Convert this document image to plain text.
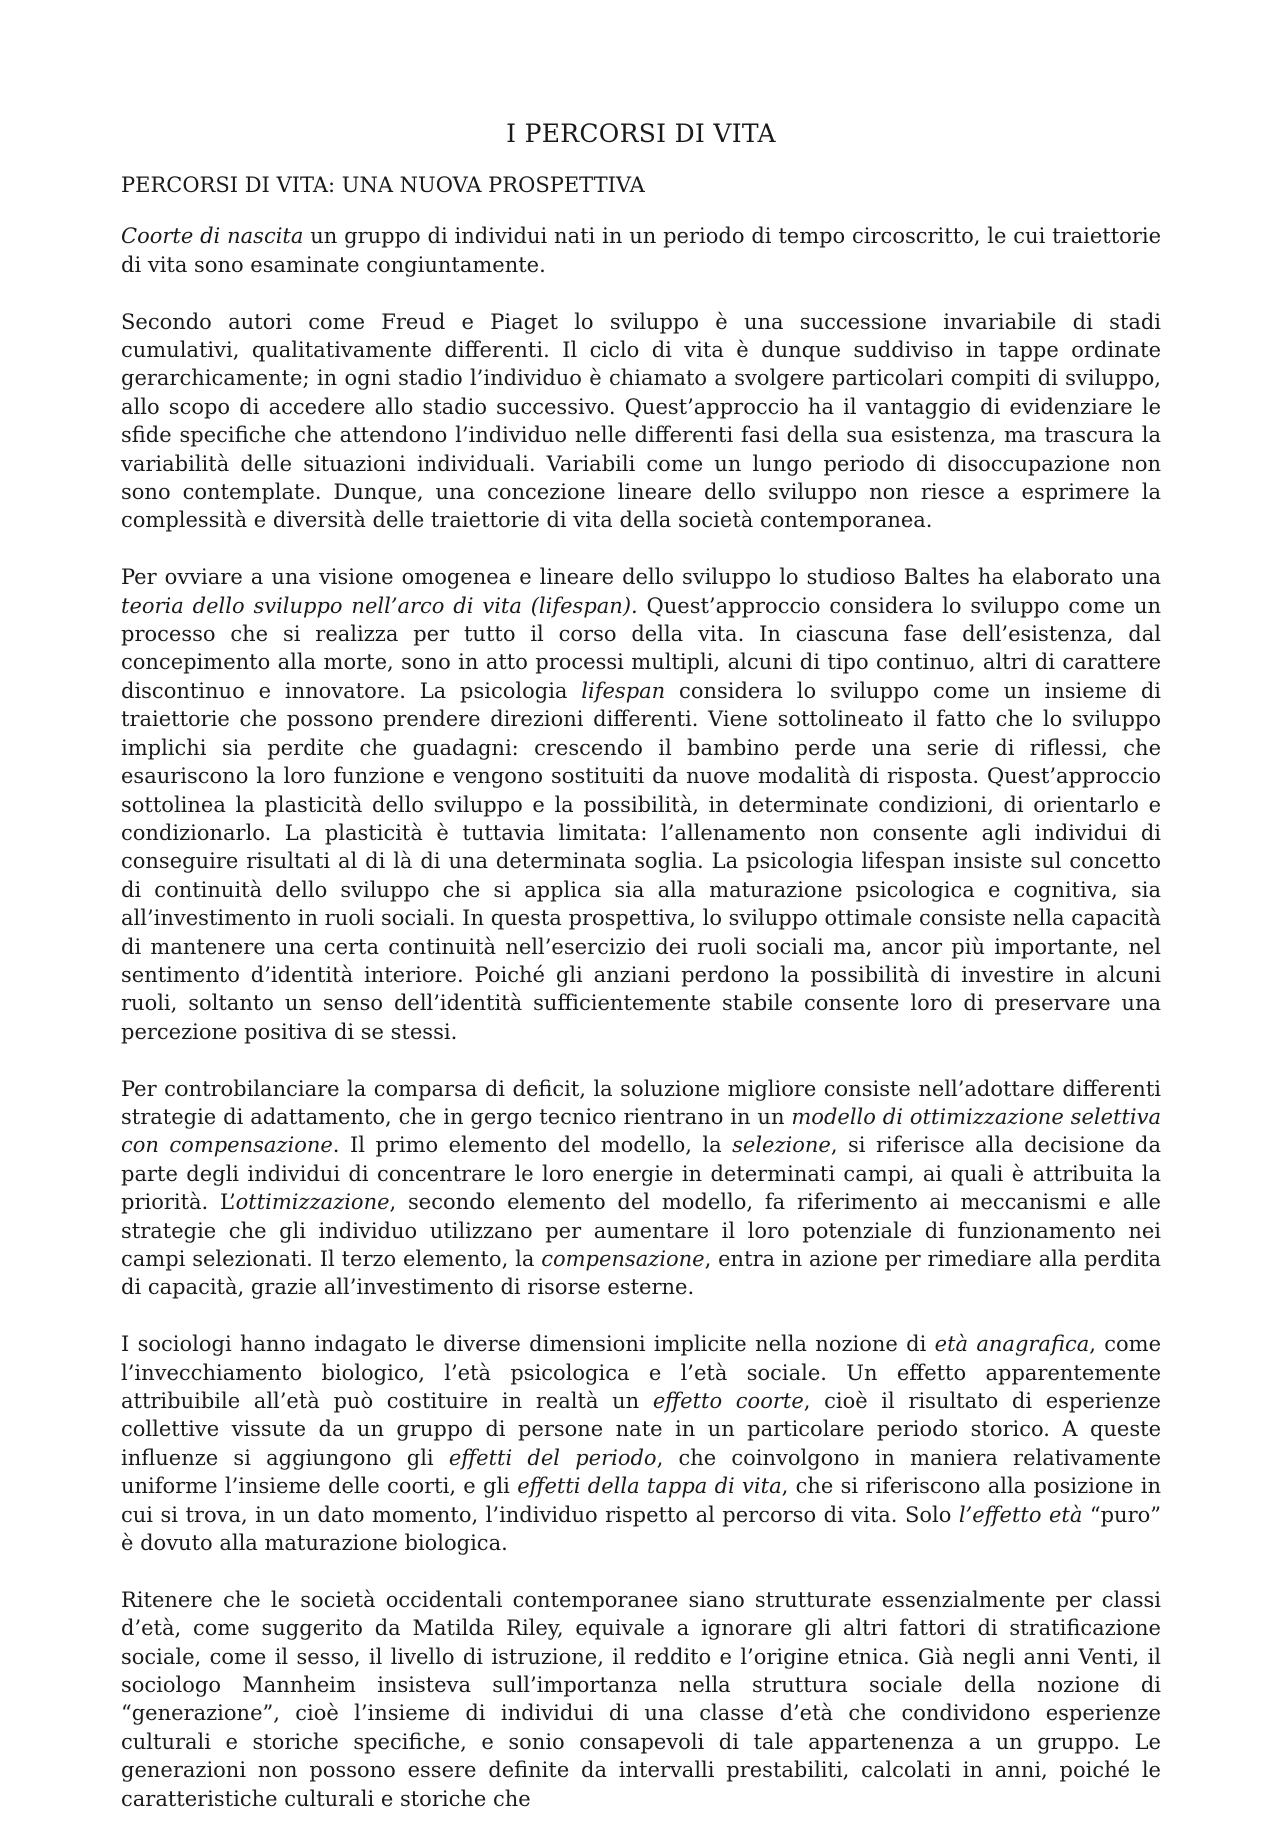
I PERCORSI DI VITA
PERCORSI DI VITA: UNA NUOVA PROSPETTIVA

Coorte di nascita un gruppo di individui nati in un periodo di tempo circoscritto, le cui traiettorie di vita sono esaminate congiuntamente.

Secondo autori come Freud e Piaget lo sviluppo è una successione invariabile di stadi cumulativi, qualitativamente differenti. Il ciclo di vita è dunque suddiviso in tappe ordinate gerarchicamente; in ogni stadio l’individuo è chiamato a svolgere particolari compiti di sviluppo, allo scopo di accedere allo stadio successivo. Quest’approccio ha il vantaggio di evidenziare le sfide specifiche che attendono l’individuo nelle differenti fasi della sua esistenza, ma trascura la variabilità delle situazioni individuali. Variabili come un lungo periodo di disoccupazione non sono contemplate. Dunque, una concezione lineare dello sviluppo non riesce a esprimere la complessità e diversità delle traiettorie di vita della società contemporanea.

Per ovviare a una visione omogenea e lineare dello sviluppo lo studioso Baltes ha elaborato una teoria dello sviluppo nell’arco di vita (lifespan). Quest’approccio considera lo sviluppo come un processo che si realizza per tutto il corso della vita. In ciascuna fase dell’esistenza, dal concepimento alla morte, sono in atto processi multipli, alcuni di tipo continuo, altri di carattere discontinuo e innovatore. La psicologia lifespan considera lo sviluppo come un insieme di traiettorie che possono prendere direzioni differenti. Viene sottolineato il fatto che lo sviluppo implichi sia perdite che guadagni: crescendo il bambino perde una serie di riflessi, che esauriscono la loro funzione e vengono sostituiti da nuove modalità di risposta. Quest’approccio sottolinea la plasticità dello sviluppo e la possibilità, in determinate condizioni, di orientarlo e condizionarlo. La plasticità è tuttavia limitata: l’allenamento non consente agli individui di conseguire risultati al di là di una determinata soglia. La psicologia lifespan insiste sul concetto di continuità dello sviluppo che si applica sia alla maturazione psicologica e cognitiva, sia all’investimento in ruoli sociali. In questa prospettiva, lo sviluppo ottimale consiste nella capacità di mantenere una certa continuità nell’esercizio dei ruoli sociali ma, ancor più importante, nel sentimento d’identità interiore. Poiché gli anziani perdono la possibilità di investire in alcuni ruoli, soltanto un senso dell’identità sufficientemente stabile consente loro di preservare una percezione positiva di se stessi.

Per controbilanciare la comparsa di deficit, la soluzione migliore consiste nell’adottare differenti strategie di adattamento, che in gergo tecnico rientrano in un modello di ottimizzazione selettiva con compensazione. Il primo elemento del modello, la selezione, si riferisce alla decisione da parte degli individui di concentrare le loro energie in determinati campi, ai quali è attribuita la priorità. L’ottimizzazione, secondo elemento del modello, fa riferimento ai meccanismi e alle strategie che gli individuo utilizzano per aumentare il loro potenziale di funzionamento nei campi selezionati. Il terzo elemento, la compensazione, entra in azione per rimediare alla perdita di capacità, grazie all’investimento di risorse esterne.

I sociologi hanno indagato le diverse dimensioni implicite nella nozione di età anagrafica, come l’invecchiamento biologico, l’età psicologica e l’età sociale. Un effetto apparentemente attribuibile all’età può costituire in realtà un effetto coorte, cioè il risultato di esperienze collettive vissute da un gruppo di persone nate in un particolare periodo storico. A queste influenze si aggiungono gli effetti del periodo, che coinvolgono in maniera relativamente uniforme l’insieme delle coorti, e gli effetti della tappa di vita, che si riferiscono alla posizione in cui si trova, in un dato momento, l’individuo rispetto al percorso di vita. Solo l’effetto età “puro” è dovuto alla maturazione biologica.

Ritenere che le società occidentali contemporanee siano strutturate essenzialmente per classi d’età, come suggerito da Matilda Riley, equivale a ignorare gli altri fattori di stratificazione sociale, come il sesso, il livello di istruzione, il reddito e l’origine etnica. Già negli anni Venti, il sociologo Mannheim insisteva sull’importanza nella struttura sociale della nozione di “generazione”, cioè l’insieme di individui di una classe d’età che condividono esperienze culturali e storiche specifiche, e sonio consapevoli di tale appartenenza a un gruppo. Le generazioni non possono essere definite da intervalli prestabiliti, calcolati in anni, poiché le caratteristiche culturali e storiche che
